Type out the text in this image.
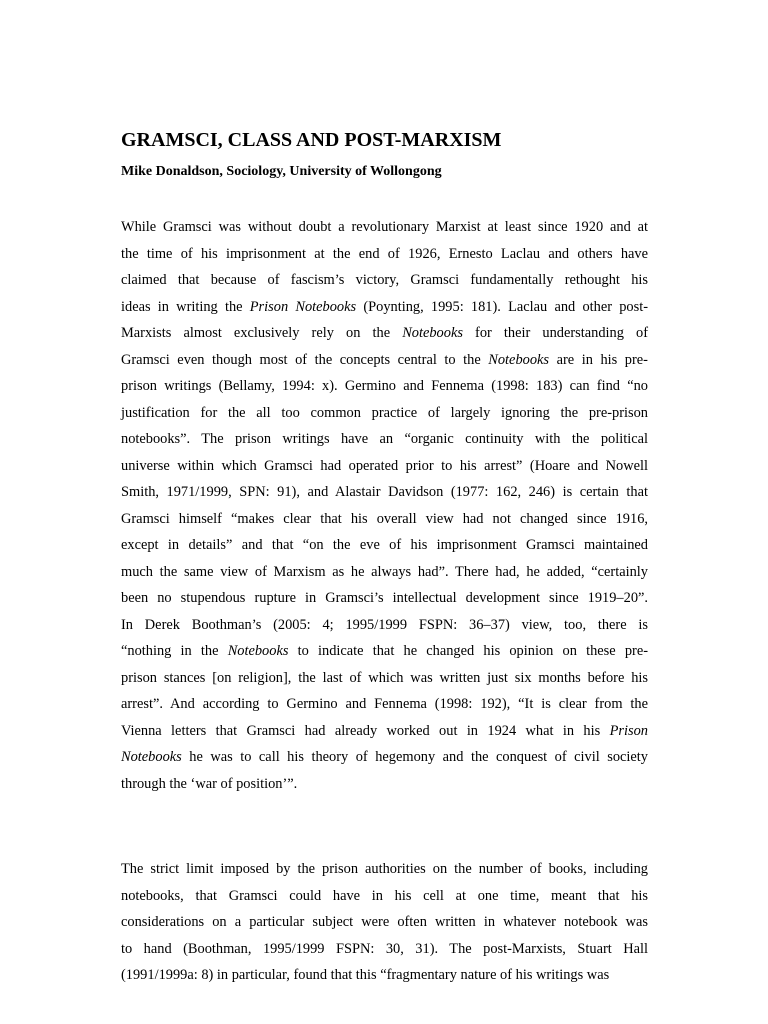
GRAMSCI, CLASS AND POST-MARXISM

Mike Donaldson, Sociology, University of Wollongong

While Gramsci was without doubt a revolutionary Marxist at least since 1920 and at
the time of his imprisonment at the end of 1926, Ernesto Laclau and others have
claimed that because of fascism’s victory, Gramsci fundamentally rethought his
ideas in writing the Prison Notebooks (Poynting, 1995: 181). Laclau and other post-
Marxists almost exclusively rely on the Notebooks for their understanding of
Gramsci even though most of the concepts central to the Notebooks are in his pre-
prison writings (Bellamy, 1994: x). Germino and Fennema (1998: 183) can find “no
justification for the all too common practice of largely ignoring the pre-prison
notebooks”. The prison writings have an “organic continuity with the political
universe within which Gramsci had operated prior to his arrest” (Hoare and Nowell
Smith, 1971/1999, SPN: 91), and Alastair Davidson (1977: 162, 246) is certain that
Gramsci himself “makes clear that his overall view had not changed since 1916,
except in details” and that “on the eve of his imprisonment Gramsci maintained
much the same view of Marxism as he always had”. There had, he added, “certainly
been no stupendous rupture in Gramsci’s intellectual development since 1919–20”.
In Derek Boothman’s (2005: 4; 1995/1999 FSPN: 36–37) view, too, there is
“nothing in the Notebooks to indicate that he changed his opinion on these pre-
prison stances [on religion], the last of which was written just six months before his
arrest”. And according to Germino and Fennema (1998: 192), “It is clear from the
Vienna letters that Gramsci had already worked out in 1924 what in his Prison
Notebooks he was to call his theory of hegemony and the conquest of civil society
through the ‘war of position’”.
The strict limit imposed by the prison authorities on the number of books, including
notebooks, that Gramsci could have in his cell at one time, meant that his
considerations on a particular subject were often written in whatever notebook was
to hand (Boothman, 1995/1999 FSPN: 30, 31). The post-Marxists, Stuart Hall
(1991/1999a: 8) in particular, found that this “fragmentary nature of his writings was
